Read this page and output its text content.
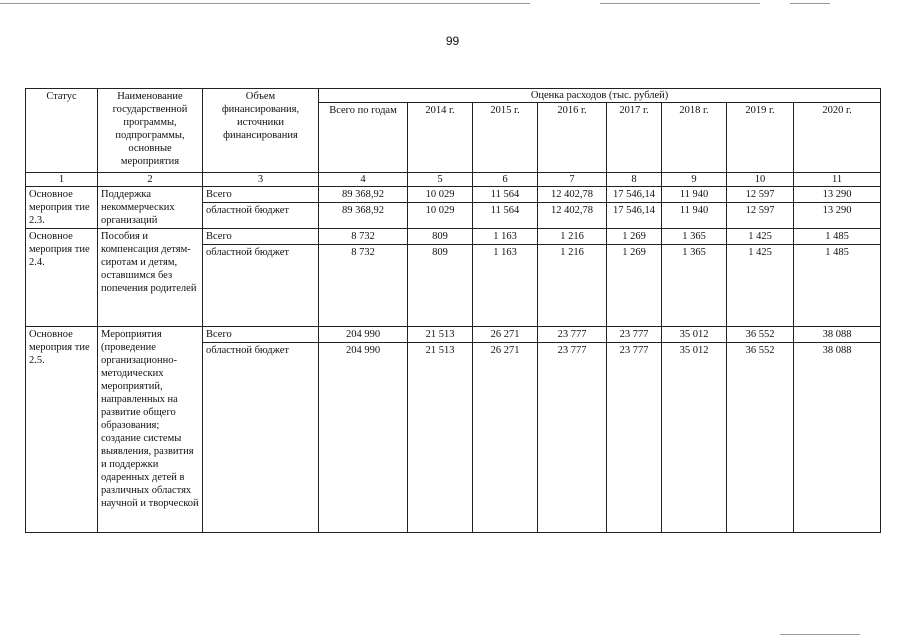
99
Статус	Наименование государственной программы, подпрограммы, основные мероприятия	Объем финансирования, источники финансирования	Оценка расходов (тыс. рублей)							
			Всего по годам	2014 г.	2015 г.	2016 г.	2017 г.	2018 г.	2019 г.	2020 г.
1	2	3	4	5	6	7	8	9	10	11
Основное мероприя тие 2.3.	Поддержка некоммерческих организаций	Всего	89 368,92	10 029	11 564	12 402,78	17 546,14	11 940	12 597	13 290
		областной бюджет	89 368,92	10 029	11 564	12 402,78	17 546,14	11 940	12 597	13 290
Основное мероприя тие 2.4.	Пособия и компенсация детям-сиротам и детям, оставшимся без попечения родителей	Всего	8 732	809	1 163	1 216	1 269	1 365	1 425	1 485
		областной бюджет	8 732	809	1 163	1 216	1 269	1 365	1 425	1 485
Основное мероприя тие 2.5.	Мероприятия (проведение организационно-методических мероприятий, направленных на развитие общего образования; создание системы выявления, развития и поддержки одаренных детей в различных областях научной и творческой	Всего	204 990	21 513	26 271	23 777	23 777	35 012	36 552	38 088
		областной бюджет	204 990	21 513	26 271	23 777	23 777	35 012	36 552	38 088
